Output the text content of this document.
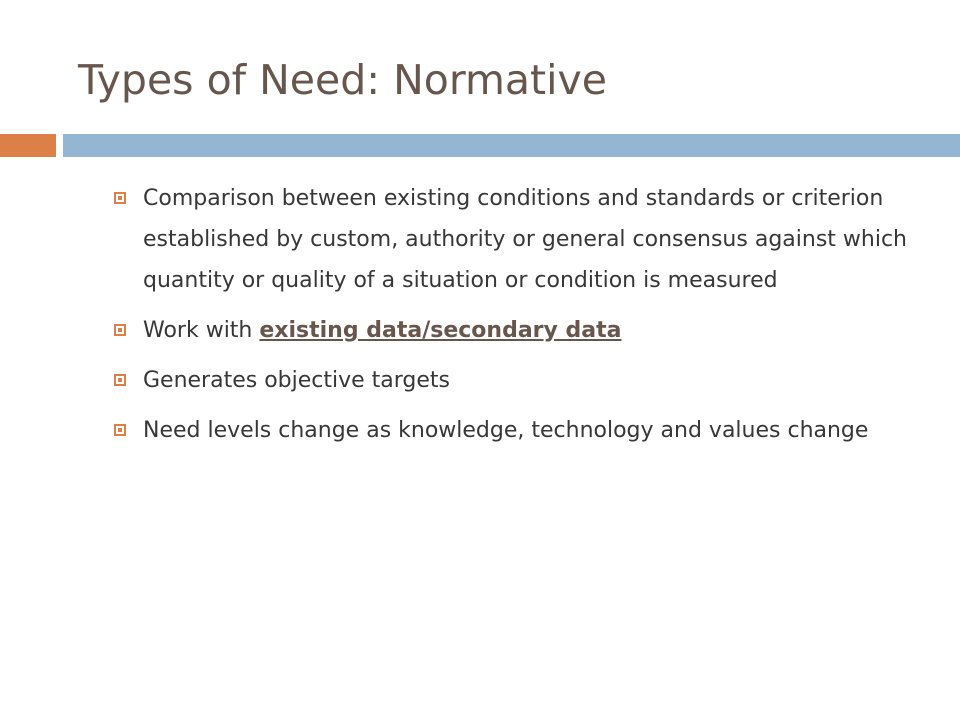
Types of Need: Normative
Comparison between existing conditions and standards or criterion established by custom, authority or general consensus against which quantity or quality of a situation or condition is measured
Work with existing data/secondary data
Generates objective targets
Need levels change as knowledge, technology and values change
